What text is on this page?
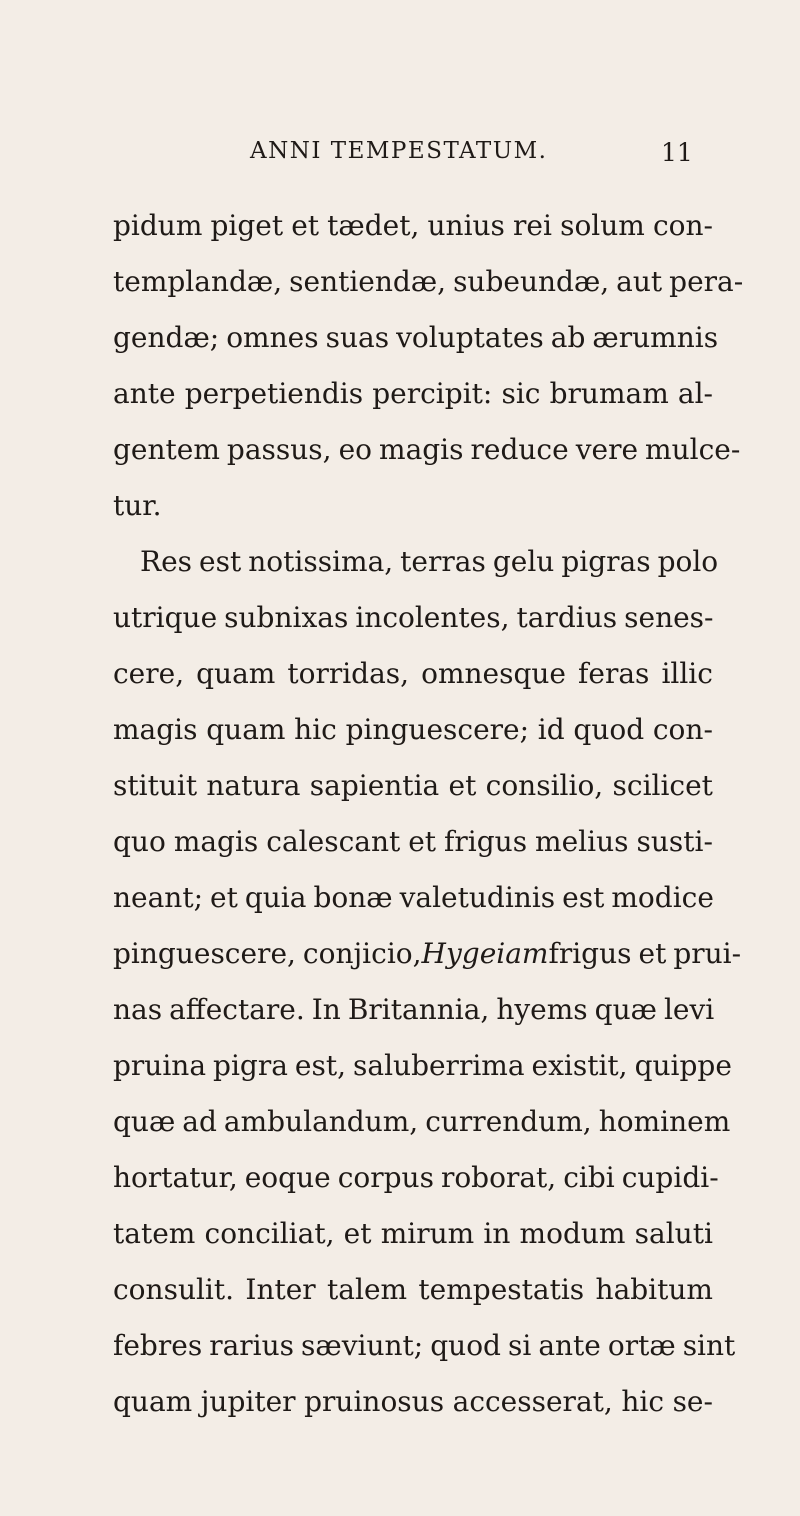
ANNI TEMPESTATUM.	11
pidum piget et tædet, unius rei solum con-
templandæ, sentiendæ, subeundæ, aut pera-
gendæ; omnes suas voluptates ab ærumnis
ante perpetiendis percipit: sic brumam al-
gentem passus, eo magis reduce vere mulce-
tur.
Res est notissima, terras gelu pigras polo
utrique subnixas incolentes, tardius senes-
cere, quam torridas, omnesque feras illic
magis quam hic pinguescere; id quod con-
stituit natura sapientia et consilio, scilicet
quo magis calescant et frigus melius susti-
neant; et quia bonæ valetudinis est modice
pinguescere, conjicio, Hygeiam frigus et prui-
nas affectare. In Britannia, hyems quæ levi
pruina pigra est, saluberrima existit, quippe
quæ ad ambulandum, currendum, hominem
hortatur, eoque corpus roborat, cibi cupidi-
tatem conciliat, et mirum in modum saluti
consulit. Inter talem tempestatis habitum
febres rarius sæviunt; quod si ante ortæ sint
quam jupiter pruinosus accesserat, hic se-
